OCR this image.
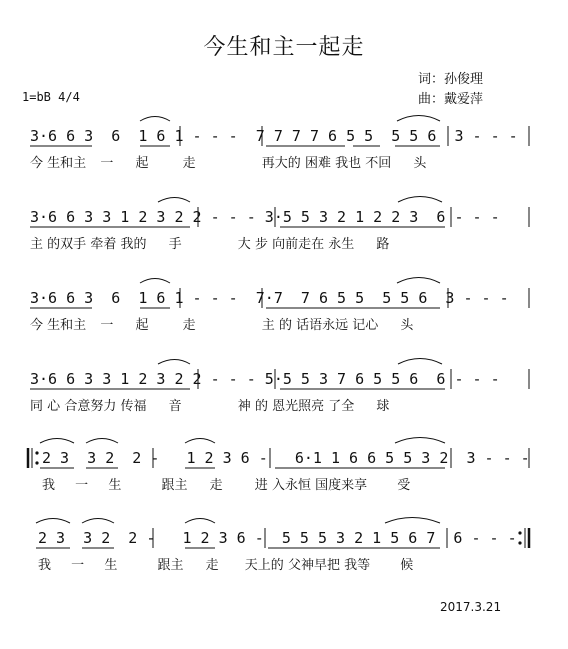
今生和主一起走
词：孙俊理
曲：戴爱萍
1=bB 4/4
3·6 6 3  6  1 6 1 - - -  7 7 7 7 6 5 5  5 5 6  3 - - -
3·6 6 3 3 1 2 3 2 2 - - - 3·5 5 3 2 1 2 2 3  6 - - -
3·6 6 3  6  1 6 1 - - -  7·7  7 6 5 5  5 5 6  3 - - -
3·6 6 3 3 1 2 3 2 2 - - - 5·5 5 3 7 6 5 5 6  6 - - -
2 3  3 2  2 -   1 2 3 6 -   6·1 1 6 6 5 5 3 2  3 - - -
2 3  3 2  2 -   1 2 3 6 -  5 5 5 3 2 1 5 6 7  6 - - -
今 生和主 一 起	走	再大的 困难 我也 不回 头
主 的双手 牵着 我的 手	大 步 向前走在 永生 路
今 生和主 一 起	走	主 的 话语永远 记心 头
同 心 合意努力 传福 音	神 的 恩光照亮 了全 球
我 一 生	跟主 走 进 入永恒 国度来享 受
我 一 生	跟主 走 天上的 父神早把 我等 候
2017.3.21
